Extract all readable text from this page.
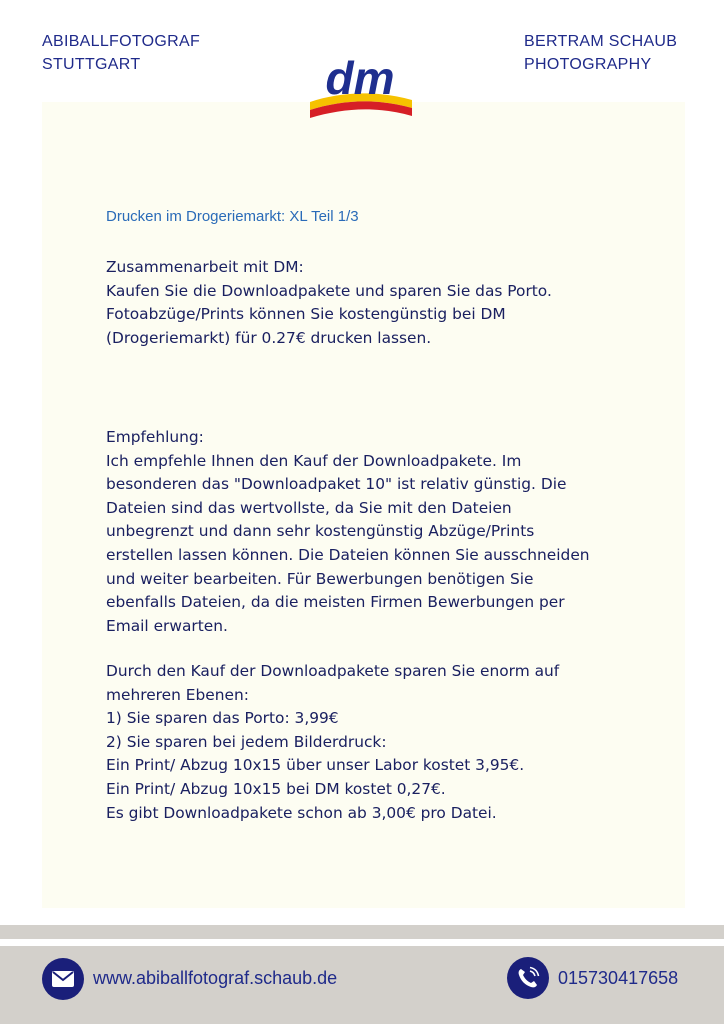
ABIBALLFOTOGRAF
STUTTGART
BERTRAM SCHAUB
PHOTOGRAPHY
dm
Drucken im Drogeriemarkt: XL Teil 1/3
Zusammenarbeit mit DM:
Kaufen Sie die Downloadpakete und sparen Sie das Porto.
Fotoabzüge/Prints können Sie kostengünstig bei DM
(Drogeriemarkt) für 0.27€ drucken lassen.
Empfehlung:
Ich empfehle Ihnen den Kauf der Downloadpakete. Im
besonderen das "Downloadpaket 10" ist relativ günstig. Die
Dateien sind das wertvollste, da Sie mit den Dateien
unbegrenzt und dann sehr kostengünstig Abzüge/Prints
erstellen lassen können. Die Dateien können Sie ausschneiden
und weiter bearbeiten. Für Bewerbungen benötigen Sie
ebenfalls Dateien, da die meisten Firmen Bewerbungen per
Email erwarten.
Durch den Kauf der Downloadpakete sparen Sie enorm auf
mehreren Ebenen:
1) Sie sparen das Porto: 3,99€
2) Sie sparen bei jedem Bilderdruck:
Ein Print/ Abzug 10x15 über unser Labor kostet 3,95€.
Ein Print/ Abzug 10x15 bei DM kostet 0,27€.
Es gibt Downloadpakete schon ab 3,00€ pro Datei.
www.abiballfotograf.schaub.de	015730417658
